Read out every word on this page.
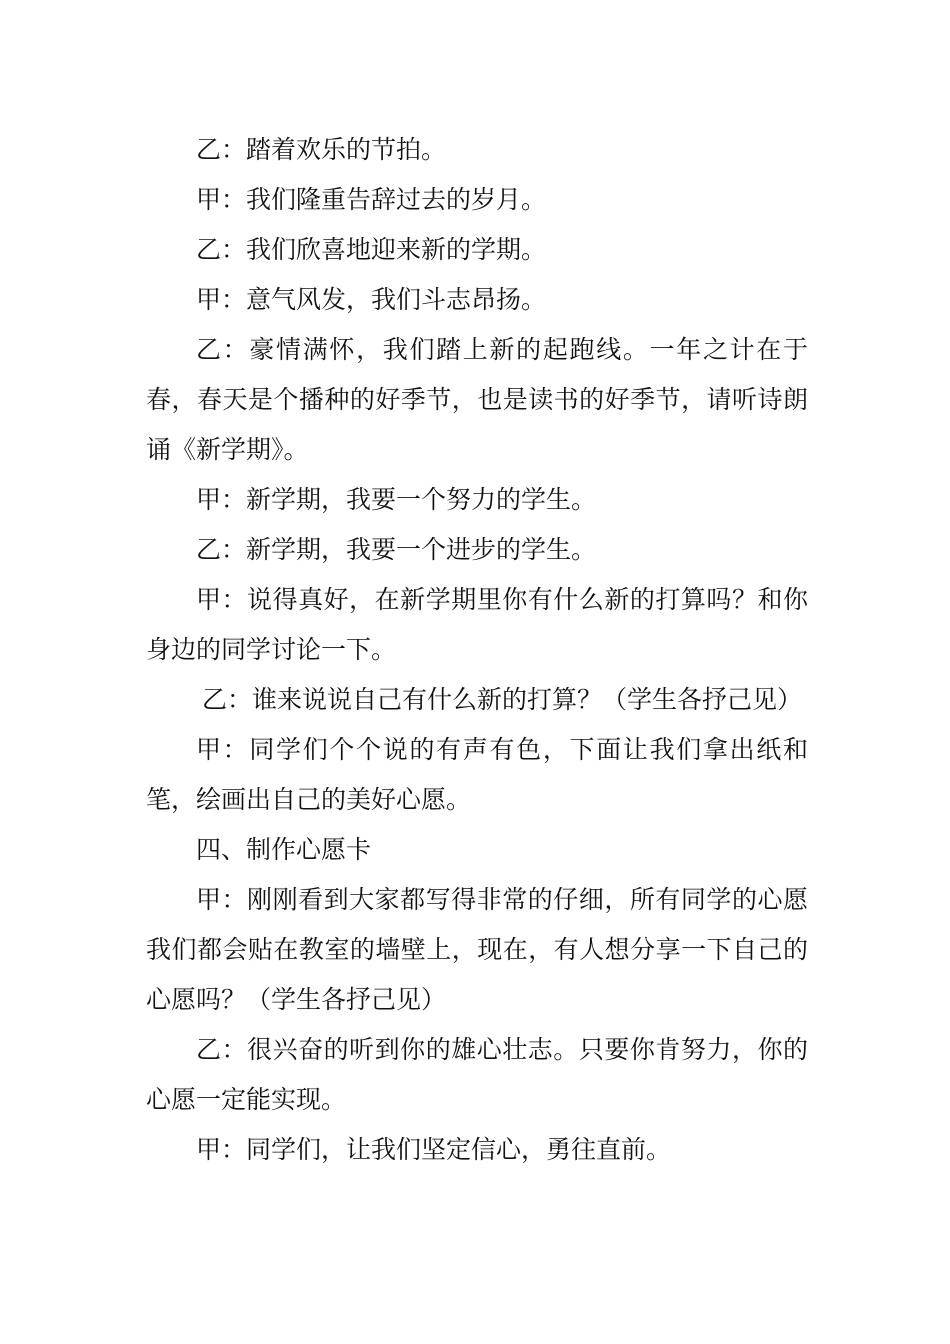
乙：踏着欢乐的节拍。

甲：我们隆重告辞过去的岁月。

乙：我们欣喜地迎来新的学期。

甲：意气风发，我们斗志昂扬。

乙：豪情满怀，我们踏上新的起跑线。一年之计在于春，春天是个播种的好季节，也是读书的好季节，请听诗朗诵《新学期》。

甲：新学期，我要一个努力的学生。

乙：新学期，我要一个进步的学生。

甲：说得真好，在新学期里你有什么新的打算吗？和你身边的同学讨论一下。

乙：谁来说说自己有什么新的打算？（学生各抒己见）

甲：同学们个个说的有声有色，下面让我们拿出纸和笔，绘画出自己的美好心愿。

四、制作心愿卡

甲：刚刚看到大家都写得非常的仔细，所有同学的心愿我们都会贴在教室的墙壁上，现在，有人想分享一下自己的心愿吗？（学生各抒己见）

乙：很兴奋的听到你的雄心壮志。只要你肯努力，你的心愿一定能实现。

甲：同学们，让我们坚定信心，勇往直前。
